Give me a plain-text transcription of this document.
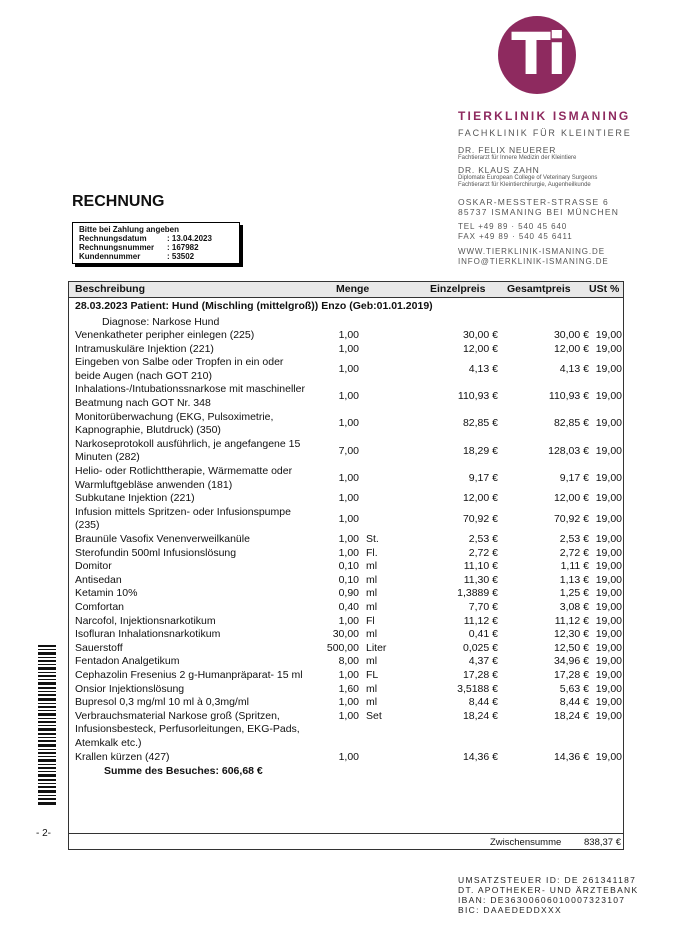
Ti
TIERKLINIK ISMANING
FACHKLINIK FÜR KLEINTIERE
DR. FELIX NEUERER
Fachtierarzt für Innere Medizin der Kleintiere
DR. KLAUS ZAHN
Diplomate European College of Veterinary Surgeons
Fachtierarzt für Kleintierchirurgie, Augenheilkunde
OSKAR-MESSTER-STRASSE 6
85737 ISMANING BEI MÜNCHEN
TEL +49 89 · 540 45 640
FAX +49 89 · 540 45 6411
WWW.TIERKLINIK-ISMANING.DE
INFO@TIERKLINIK-ISMANING.DE
RECHNUNG
Bitte bei Zahlung angeben
Rechnungsdatum	: 13.04.2023
Rechnungsnummer	: 167982
Kundennummer	: 53502
Beschreibung	Menge	Einzelpreis Gesamtpreis USt %
28.03.2023 Patient: Hund (Mischling (mittelgroß)) Enzo (Geb:01.01.2019)
Diagnose: Narkose Hund
Venenkatheter peripher einlegen (225)	1,00	30,00 €	30,00 € 19,00
Intramuskuläre Injektion (221)	1,00	12,00 €	12,00 € 19,00
Eingeben von Salbe oder Tropfen in ein oder
beide Augen (nach GOT 210)
1,00	4,13 €	4,13 € 19,00
Inhalations-/Intubationssnarkose mit maschineller
Beatmung nach GOT Nr. 348
1,00	110,93 €	110,93 € 19,00
Monitorüberwachung (EKG, Pulsoximetrie,
Kapnographie, Blutdruck) (350)
1,00	82,85 €	82,85 € 19,00
Narkoseprotokoll ausführlich, je angefangene 15
Minuten (282)
7,00	18,29 €	128,03 € 19,00
Helio- oder Rotlichttherapie, Wärmematte oder
Warmluftgebläse anwenden (181)
1,00	9,17 €	9,17 € 19,00
Subkutane Injektion (221)	1,00	12,00 €	12,00 € 19,00
Infusion mittels Spritzen- oder Infusionspumpe
(235)
1,00	70,92 €	70,92 € 19,00
Braunüle Vasofix Venenverweilkanüle	1,00 St.	2,53 €	2,53 € 19,00
Sterofundin 500ml Infusionslösung	1,00 Fl.	2,72 €	2,72 € 19,00
Domitor	0,10 ml	11,10 €	1,11 € 19,00
Antisedan	0,10 ml	11,30 €	1,13 € 19,00
Ketamin 10%	0,90 ml	1,3889 €	1,25 € 19,00
Comfortan	0,40 ml	7,70 €	3,08 € 19,00
Narcofol, Injektionsnarkotikum	1,00 Fl	11,12 €	11,12 € 19,00
Isofluran Inhalationsnarkotikum	30,00 ml	0,41 €	12,30 € 19,00
Sauerstoff	500,00 Liter	0,025 €	12,50 € 19,00
Fentadon Analgetikum	8,00 ml	4,37 €	34,96 € 19,00
Cephazolin Fresenius 2 g-Humanpräparat- 15 ml	1,00 FL	17,28 €	17,28 € 19,00
Onsior Injektionslösung	1,60 ml	3,5188 €	5,63 € 19,00
Bupresol 0,3 mg/ml 10 ml à 0,3mg/ml	1,00 ml	8,44 €	8,44 € 19,00
Verbrauchsmaterial Narkose groß (Spritzen,
Infusionsbesteck, Perfusorleitungen, EKG-Pads,
Atemkalk etc.)
1,00 Set	18,24 €	18,24 € 19,00
Krallen kürzen (427)	1,00	14,36 €	14,36 € 19,00
Summe des Besuches: 606,68 €
Zwischensumme	838,37 €
- 2-
UMSATZSTEUER ID: DE 261341187
DT. APOTHEKER- UND ÄRZTEBANK
IBAN: DE36300606010007323107
BIC: DAAEDEDDXXX
